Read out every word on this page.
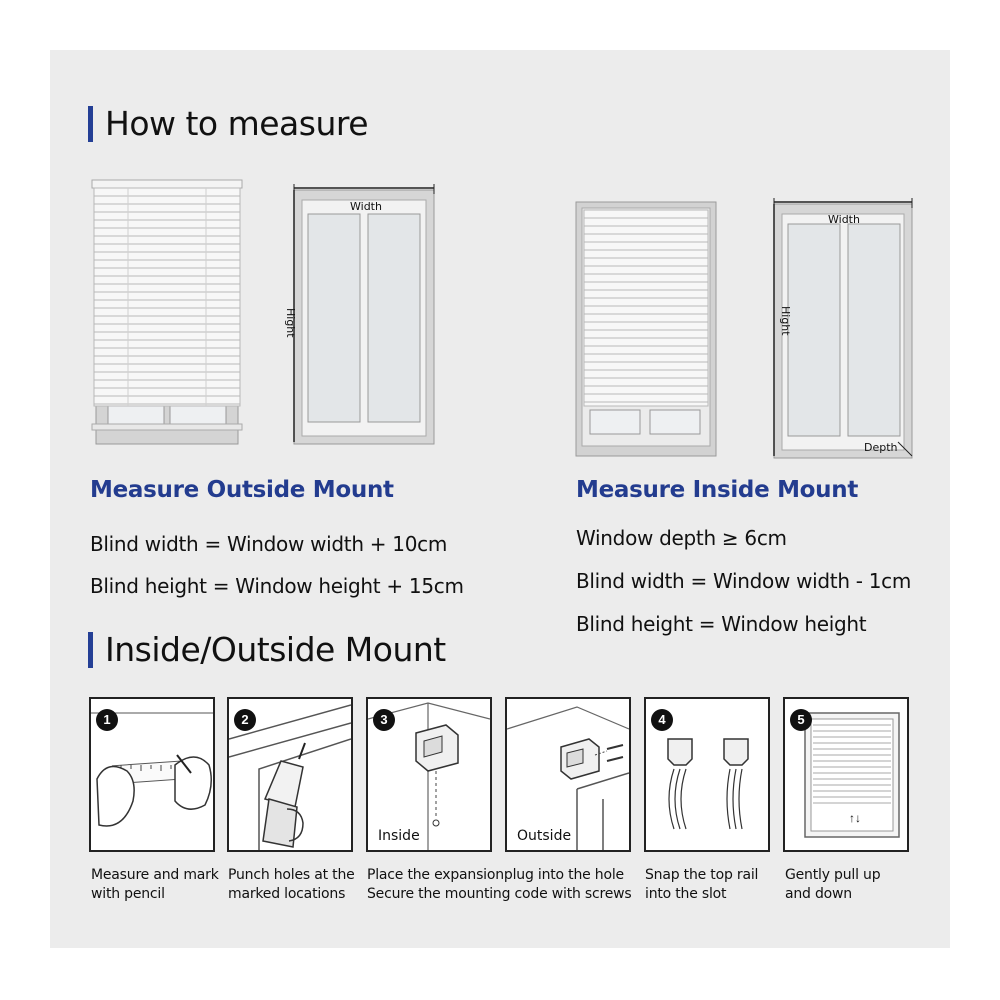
How to measure
Width
Hight
Width
Hight
Depth
Measure Outside Mount
Blind width = Window width + 10cm
Blind height = Window height + 15cm
Measure Inside Mount
Window depth ≥ 6cm
Blind width = Window width - 1cm
Blind height = Window height
Inside/Outside Mount
1	2	3
Inside	Outside
4	5
↑↓
Measure and mark
with pencil
Punch holes at the
marked locations
Place the expansionplug into the hole
Secure the mounting code with screws
Snap the top rail
into the slot
Gently pull up
and down
